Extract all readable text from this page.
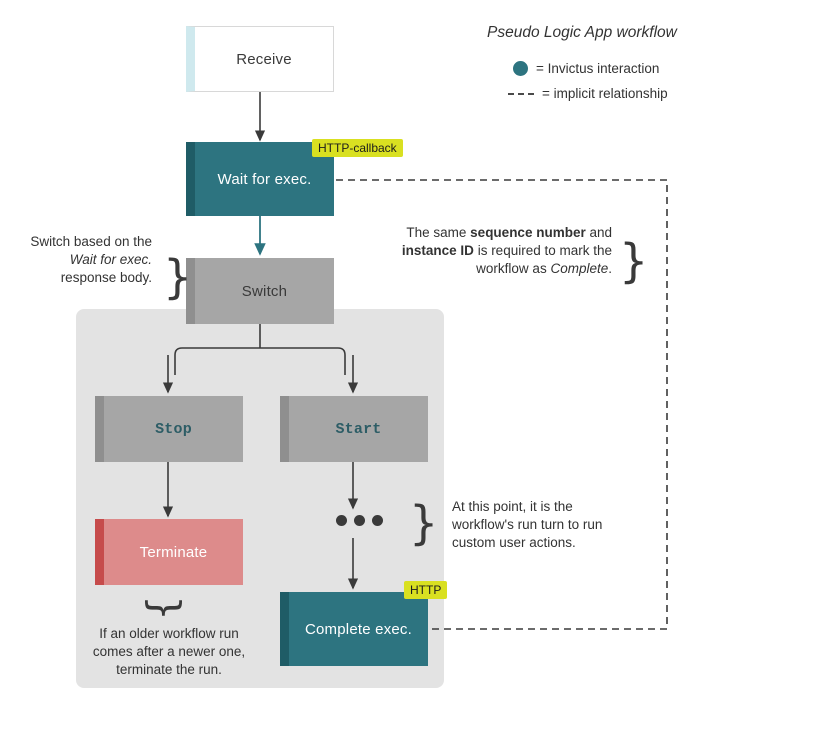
Pseudo Logic App workflow
= Invictus interaction
= implicit relationship
Receive
Wait for exec.
HTTP-callback
Switch
Stop	Start
Terminate
Complete exec.
HTTP
}	}
}
}
Switch based on the
Wait for exec.
response body.
The same sequence number and instance ID is required to mark the workflow as Complete.
At this point, it is the workflow's run turn to run custom user actions.
If an older workflow run comes after a newer one, terminate the run.
